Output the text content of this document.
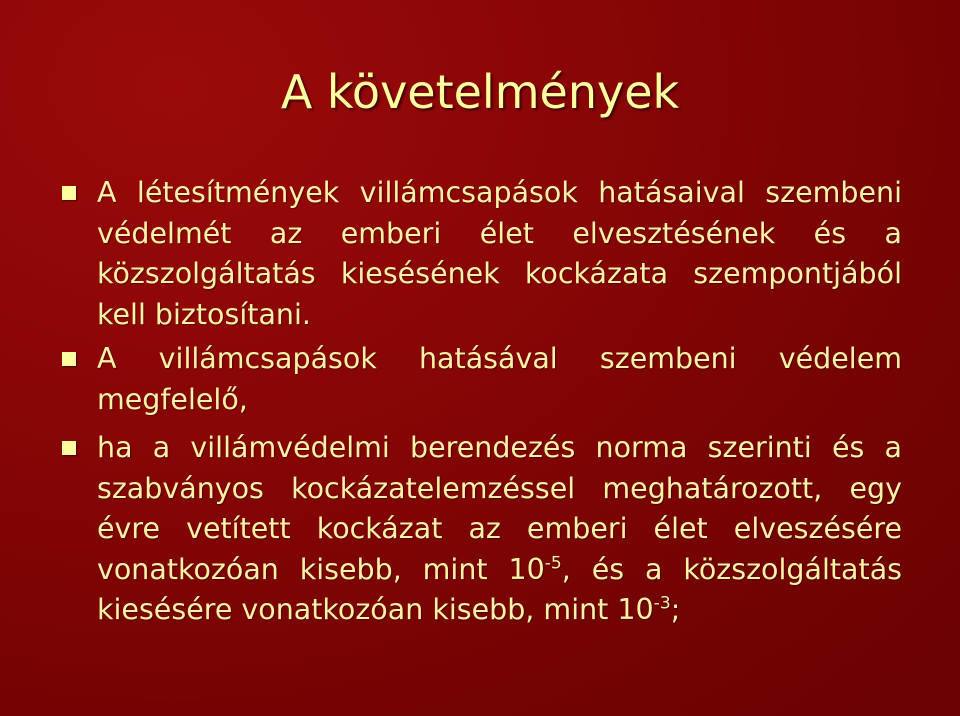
A követelmények
A létesítmények villámcsapások hatásaival szembeni védelmét az emberi élet elvesztésének és a közszolgáltatás kiesésének kockázata szempontjából kell biztosítani.
A villámcsapások hatásával szembeni védelem megfelelő,
ha a villámvédelmi berendezés norma szerinti és a szabványos kockázatelemzéssel meghatározott, egy évre vetített kockázat az emberi élet elveszésére vonatkozóan kisebb, mint $10^{-5}$, és a közszolgáltatás kiesésére vonatkozóan kisebb, mint $10^{-3}$;
